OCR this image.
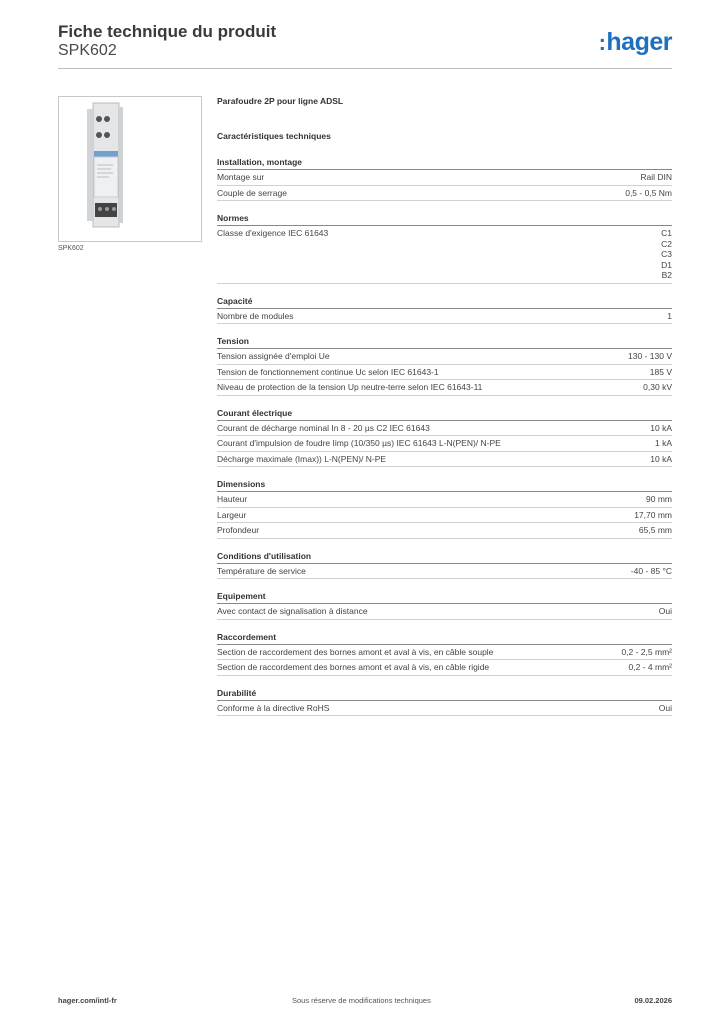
Fiche technique du produit
SPK602	:hager
SPK602
Parafoudre 2P pour ligne ADSL
Caractéristiques techniques
Installation, montage
Montage sur	Rail DIN
Couple de serrage	0,5 - 0,5 Nm
Normes
Classe d'exigence IEC 61643	C1
C2
C3
D1
B2
Capacité
Nombre de modules	1
Tension
Tension assignée d'emploi Ue	130 - 130 V
Tension de fonctionnement continue Uc selon IEC 61643-1	185 V
Niveau de protection de la tension Up neutre-terre selon IEC 61643-11	0,30 kV
Courant électrique
Courant de décharge nominal In 8 - 20 µs C2 IEC 61643	10 kA
Courant d'impulsion de foudre Iimp (10/350 µs) IEC 61643 L-N(PEN)/ N-PE	1 kA
Décharge maximale (Imax)) L-N(PEN)/ N-PE	10 kA
Dimensions
Hauteur	90 mm
Largeur	17,70 mm
Profondeur	65,5 mm
Conditions d'utilisation
Température de service	-40 - 85 °C
Equipement
Avec contact de signalisation à distance	Oui
Raccordement
Section de raccordement des bornes amont et aval à vis, en câble souple	0,2 - 2,5 mm²
Section de raccordement des bornes amont et aval à vis, en câble rigide	0,2 - 4 mm²
Durabilité
Conforme à la directive RoHS	Oui
hager.com/intl-fr	Sous réserve de modifications techniques	09.02.2026
